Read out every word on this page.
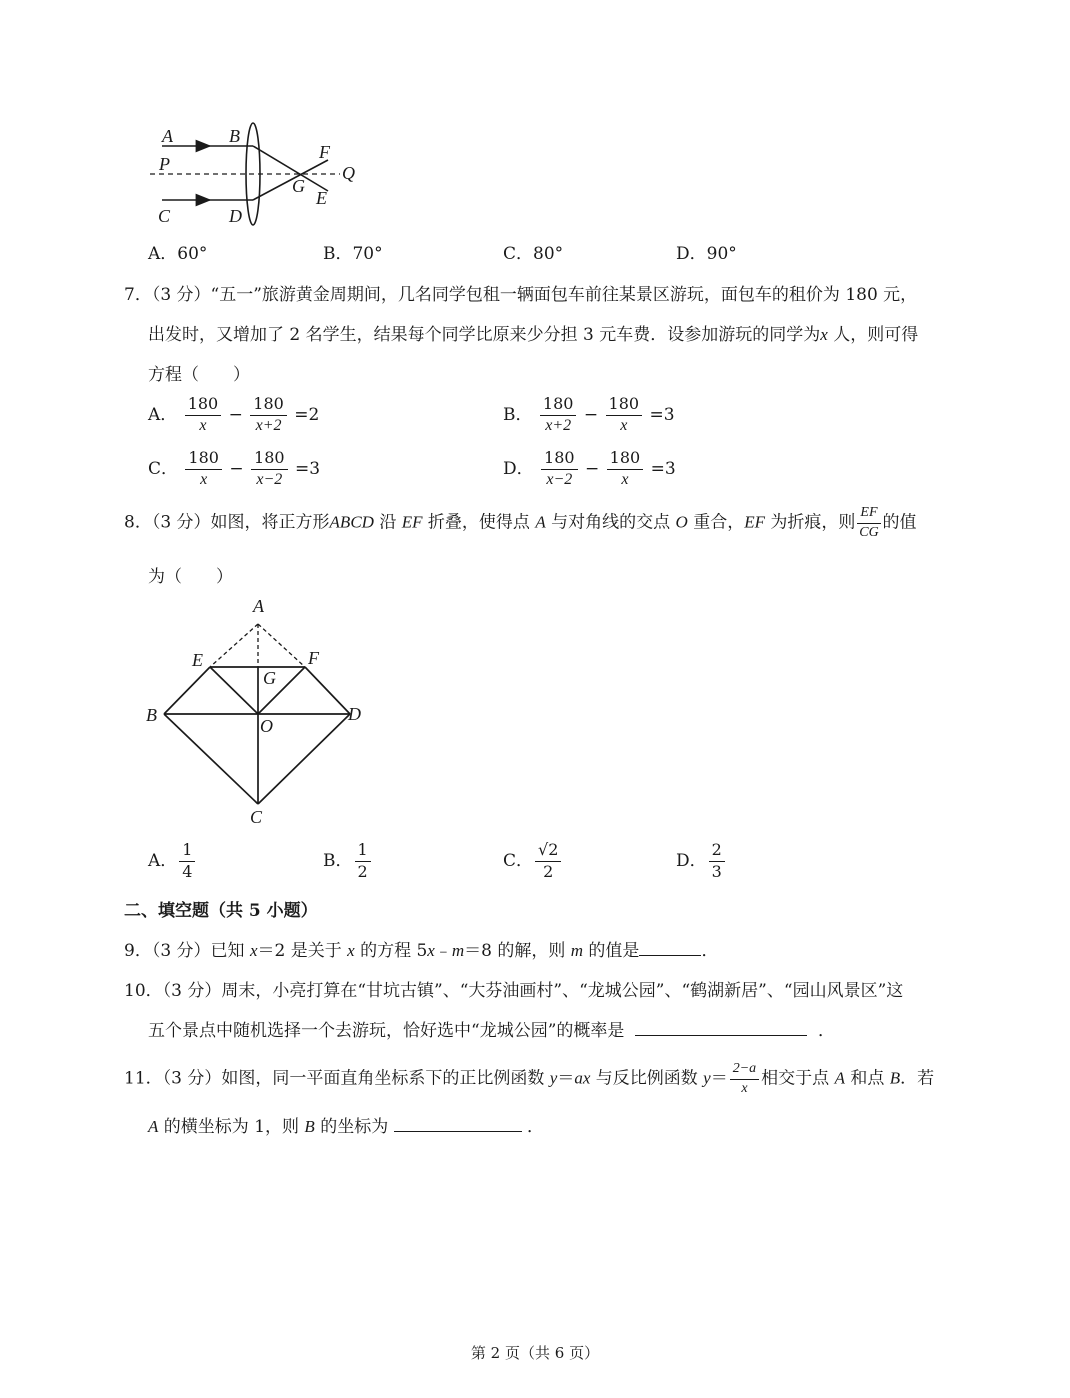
A	B
P
C	D
F
G
Q
E
A．60°	B．70°	C．80°	D．90°
7．（3 分）“五一”旅游黄金周期间，几名同学包租一辆面包车前往某景区游玩，面包车的租价为 180 元，
出发时，又增加了 2 名学生，结果每个同学比原来少分担 3 元车费．设参加游玩的同学为x 人，则可得
方程（　　）
A． $\frac{180}{x} - \frac{180}{x+2} =2$	B． $\frac{180}{x+2} - \frac{180}{x} =3$
C． $\frac{180}{x} - \frac{180}{x-2} =3$	D． $\frac{180}{x-2} - \frac{180}{x} =3$
8．（3 分）如图，将正方形ABCD 沿 EF 折叠，使得点 A 与对角线的交点 O 重合，EF 为折痕，则 $\frac{EF}{CG}$ 的值
为（　　）
A
E	F
G
B
O
D
C
A． $\frac{1}{4}$	B． $\frac{1}{2}$	C． $\frac{√2}{2}$	D． $\frac{2}{3}$
二、填空题（共 5 小题）
9．（3 分）已知 x＝2 是关于 x 的方程 5x﹣m＝8 的解，则 m 的值是	．
10．（3 分）周末，小亮打算在“甘坑古镇”、“大芬油画村”、“龙城公园”、“鹤湖新居”、“园山风景区”这
五个景点中随机选择一个去游玩，恰好选中“龙城公园”的概率是	．
11．（3 分）如图，同一平面直角坐标系下的正比例函数 y＝ax 与反比例函数 $y= \frac{2-a}{x}$ 相交于点 A 和点 B．若
A 的横坐标为 1，则 B 的坐标为	．
第 2 页（共 6 页）
